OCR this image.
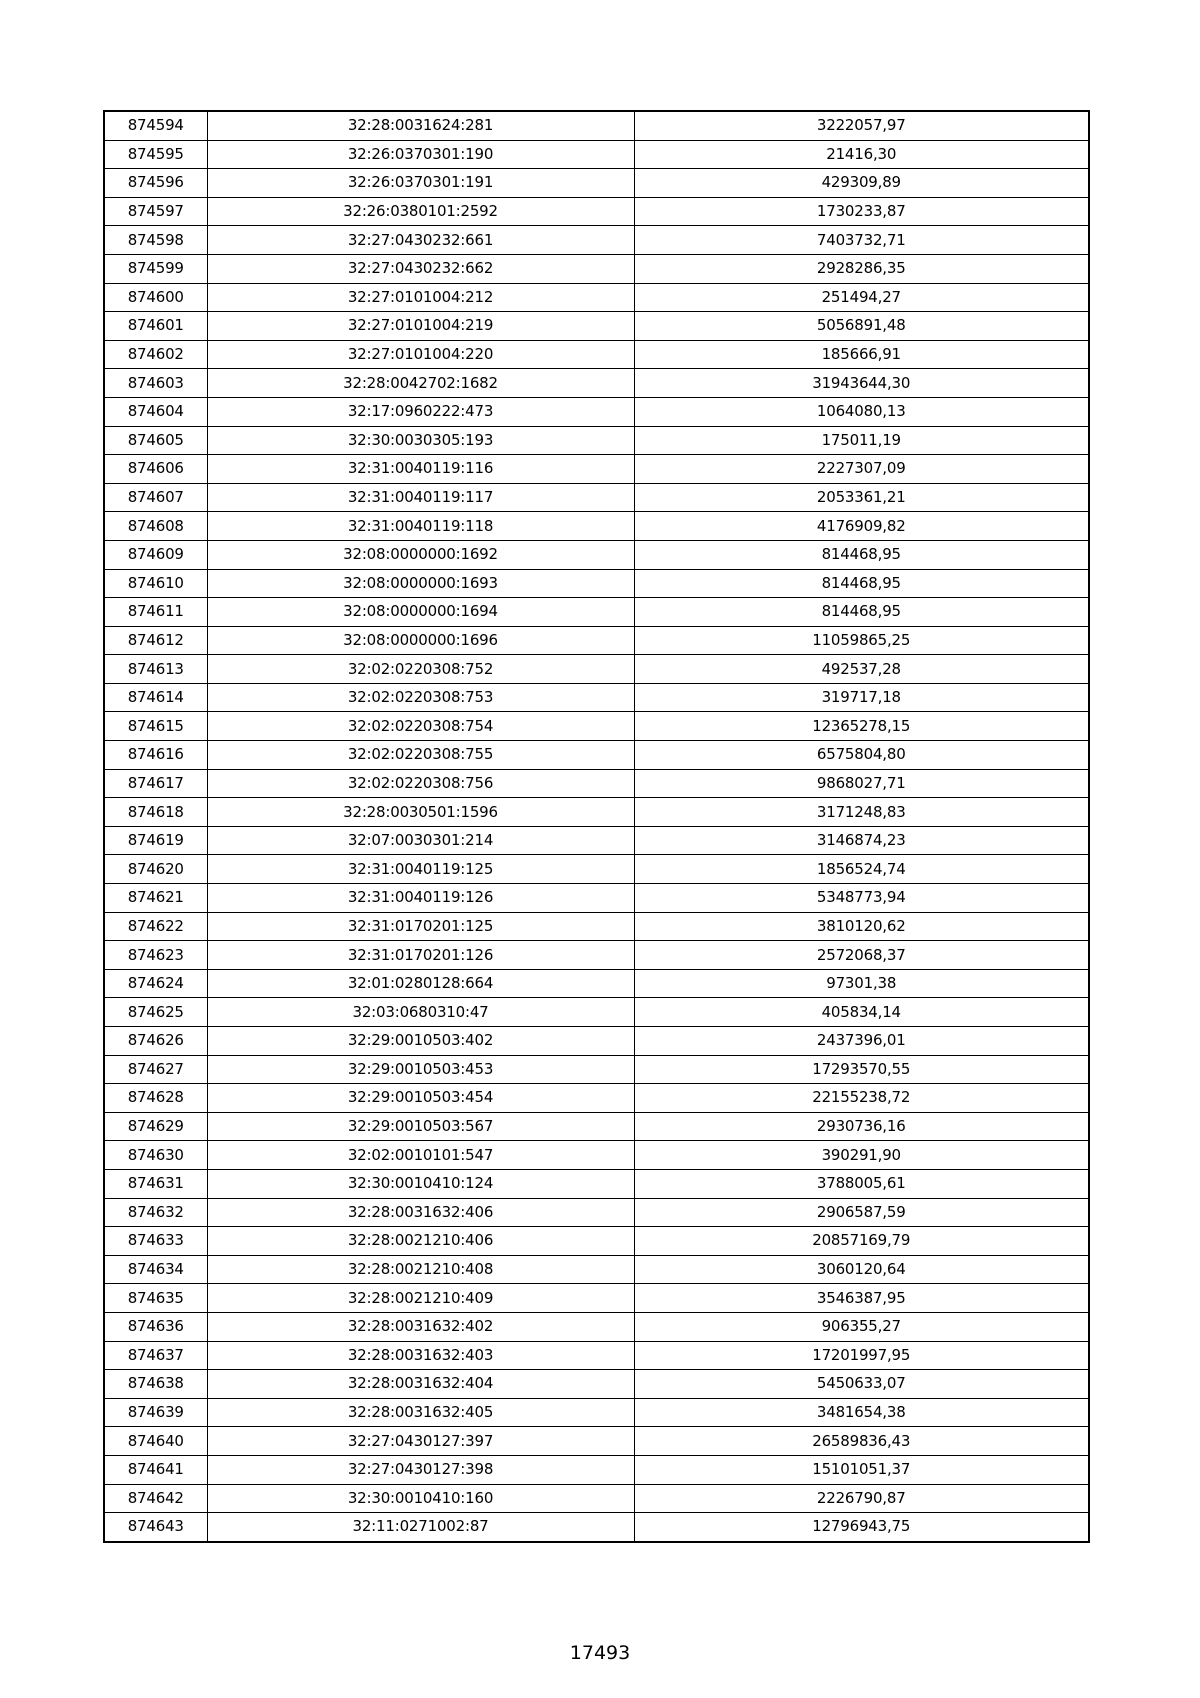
874594	32:28:0031624:281	3222057,97
874595	32:26:0370301:190	21416,30
874596	32:26:0370301:191	429309,89
874597	32:26:0380101:2592	1730233,87
874598	32:27:0430232:661	7403732,71
874599	32:27:0430232:662	2928286,35
874600	32:27:0101004:212	251494,27
874601	32:27:0101004:219	5056891,48
874602	32:27:0101004:220	185666,91
874603	32:28:0042702:1682	31943644,30
874604	32:17:0960222:473	1064080,13
874605	32:30:0030305:193	175011,19
874606	32:31:0040119:116	2227307,09
874607	32:31:0040119:117	2053361,21
874608	32:31:0040119:118	4176909,82
874609	32:08:0000000:1692	814468,95
874610	32:08:0000000:1693	814468,95
874611	32:08:0000000:1694	814468,95
874612	32:08:0000000:1696	11059865,25
874613	32:02:0220308:752	492537,28
874614	32:02:0220308:753	319717,18
874615	32:02:0220308:754	12365278,15
874616	32:02:0220308:755	6575804,80
874617	32:02:0220308:756	9868027,71
874618	32:28:0030501:1596	3171248,83
874619	32:07:0030301:214	3146874,23
874620	32:31:0040119:125	1856524,74
874621	32:31:0040119:126	5348773,94
874622	32:31:0170201:125	3810120,62
874623	32:31:0170201:126	2572068,37
874624	32:01:0280128:664	97301,38
874625	32:03:0680310:47	405834,14
874626	32:29:0010503:402	2437396,01
874627	32:29:0010503:453	17293570,55
874628	32:29:0010503:454	22155238,72
874629	32:29:0010503:567	2930736,16
874630	32:02:0010101:547	390291,90
874631	32:30:0010410:124	3788005,61
874632	32:28:0031632:406	2906587,59
874633	32:28:0021210:406	20857169,79
874634	32:28:0021210:408	3060120,64
874635	32:28:0021210:409	3546387,95
874636	32:28:0031632:402	906355,27
874637	32:28:0031632:403	17201997,95
874638	32:28:0031632:404	5450633,07
874639	32:28:0031632:405	3481654,38
874640	32:27:0430127:397	26589836,43
874641	32:27:0430127:398	15101051,37
874642	32:30:0010410:160	2226790,87
874643	32:11:0271002:87	12796943,75
17493
